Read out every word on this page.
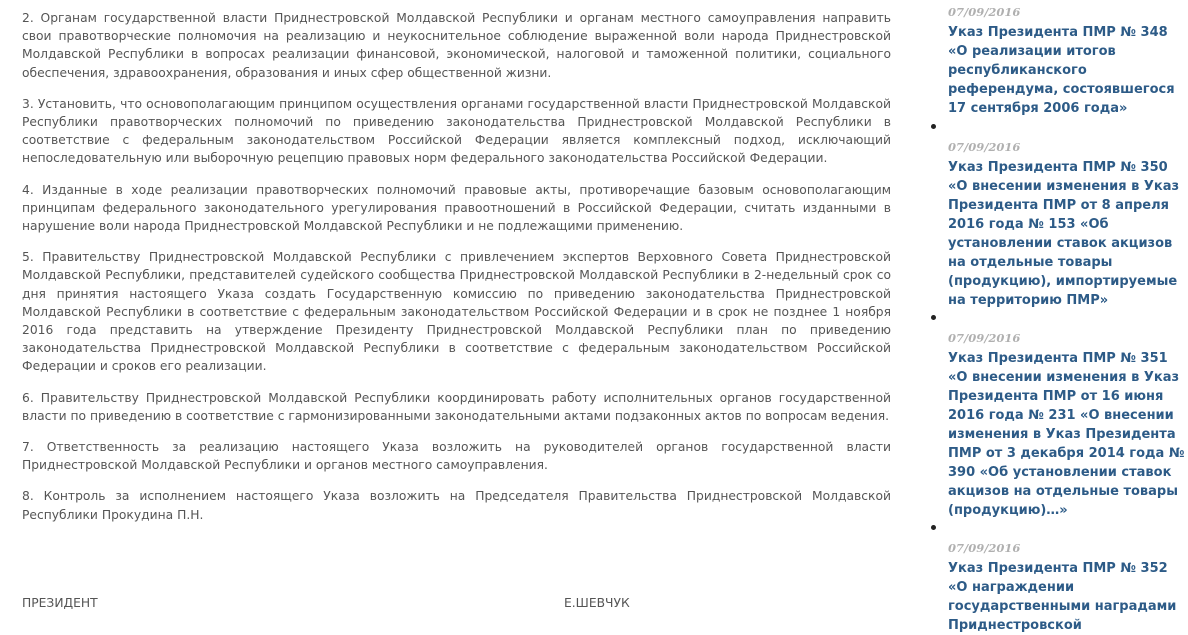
2. Органам государственной власти Приднестровской Молдавской Республики и органам местного самоуправления направить свои правотворческие полномочия на реализацию и неукоснительное соблюдение выраженной воли народа Приднестровской Молдавской Республики в вопросах реализации финансовой, экономической, налоговой и таможенной политики, социального обеспечения, здравоохранения, образования и иных сфер общественной жизни.

3. Установить, что основополагающим принципом осуществления органами государственной власти Приднестровской Молдавской Республики правотворческих полномочий по приведению законодательства Приднестровской Молдавской Республики в соответствие с федеральным законодательством Российской Федерации является комплексный подход, исключающий непоследовательную или выборочную рецепцию правовых норм федерального законодательства Российской Федерации.

4. Изданные в ходе реализации правотворческих полномочий правовые акты, противоречащие базовым основополагающим принципам федерального законодательного урегулирования правоотношений в Российской Федерации, считать изданными в нарушение воли народа Приднестровской Молдавской Республики и не подлежащими применению.

5. Правительству Приднестровской Молдавской Республики с привлечением экспертов Верховного Совета Приднестровской Молдавской Республики, представителей судейского сообщества Приднестровской Молдавской Республики в 2-недельный срок со дня принятия настоящего Указа создать Государственную комиссию по приведению законодательства Приднестровской Молдавской Республики в соответствие с федеральным законодательством Российской Федерации и в срок не позднее 1 ноября 2016 года представить на утверждение Президенту Приднестровской Молдавской Республики план по приведению законодательства Приднестровской Молдавской Республики в соответствие с федеральным законодательством Российской Федерации и сроков его реализации.

6. Правительству Приднестровской Молдавской Республики координировать работу исполнительных органов государственной власти по приведению в соответствие с гармонизированными законодательными актами подзаконных актов по вопросам ведения.

7. Ответственность за реализацию настоящего Указа возложить на руководителей органов государственной власти Приднестровской Молдавской Республики и органов местного самоуправления.

8. Контроль за исполнением настоящего Указа возложить на Председателя Правительства Приднестровской Молдавской Республики Прокудина П.Н.

ПРЕЗИДЕНТ	Е.ШЕВЧУК
07/09/2016
Указ Президента ПМР № 348 «О реализации итогов республиканского референдума, состоявшегося 17 сентября 2006 года»
07/09/2016
Указ Президента ПМР № 350 «О внесении изменения в Указ Президента ПМР от 8 апреля 2016 года № 153 «Об установлении ставок акцизов на отдельные товары (продукцию), импортируемые на территорию ПМР»
07/09/2016
Указ Президента ПМР № 351 «О внесении изменения в Указ Президента ПМР от 16 июня 2016 года № 231 «О внесении изменения в Указ Президента ПМР от 3 декабря 2014 года № 390 «Об установлении ставок акцизов на отдельные товары (продукцию)…»
07/09/2016
Указ Президента ПМР № 352 «О награждении государственными наградами Приднестровской
